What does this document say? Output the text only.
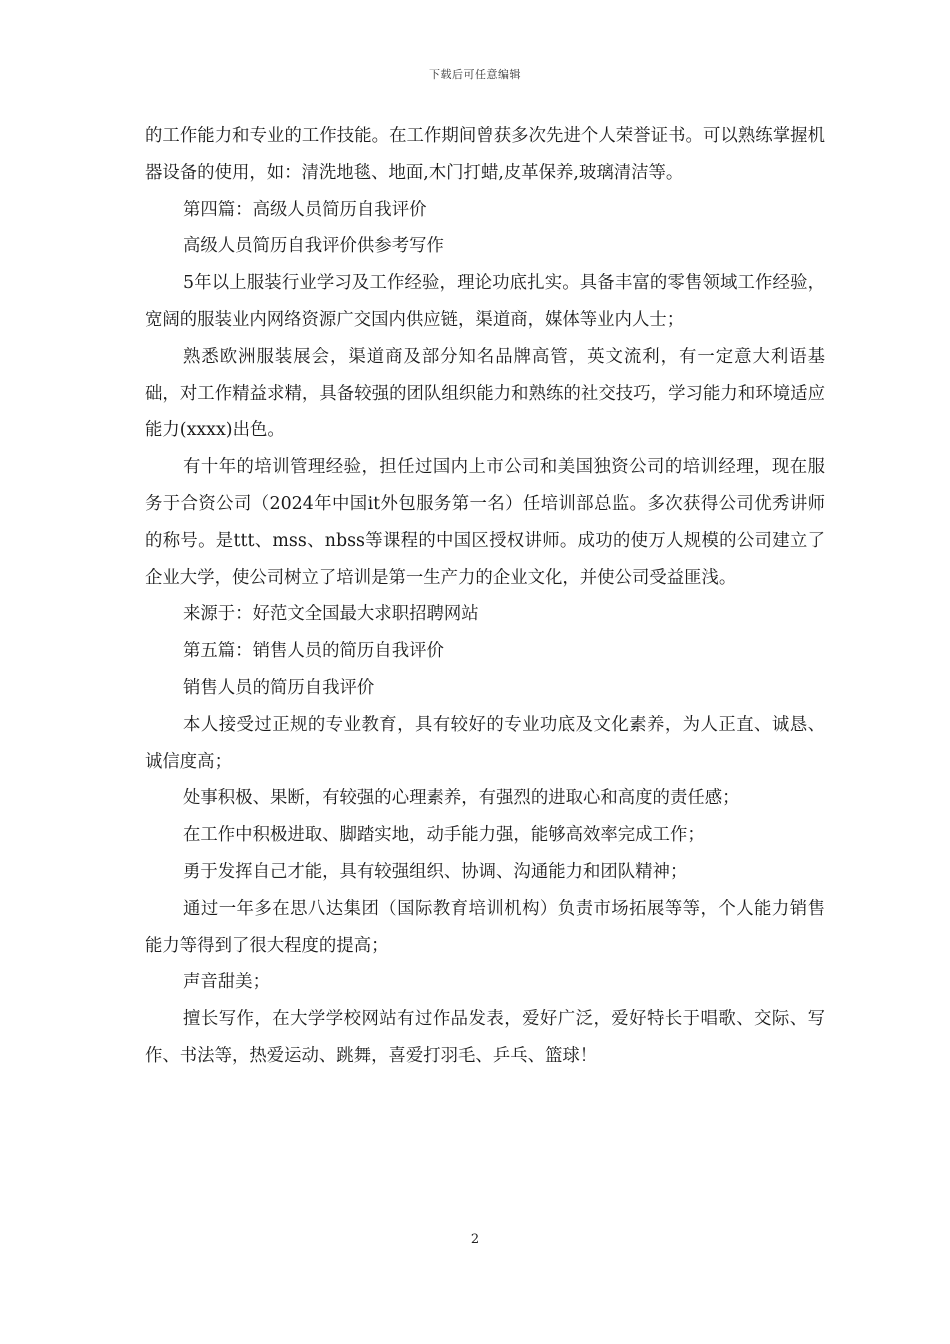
下载后可任意编辑

的工作能力和专业的工作技能。在工作期间曾获多次先进个人荣誉证书。可以熟练掌握机器设备的使用，如：清洗地毯、地面,木门打蜡,皮革保养,玻璃清洁等。

第四篇：高级人员简历自我评价

高级人员简历自我评价供参考写作

5年以上服装行业学习及工作经验，理论功底扎实。具备丰富的零售领域工作经验，宽阔的服装业内网络资源广交国内供应链，渠道商，媒体等业内人士；

熟悉欧洲服装展会，渠道商及部分知名品牌高管，英文流利，有一定意大利语基础，对工作精益求精，具备较强的团队组织能力和熟练的社交技巧，学习能力和环境适应能力(xxxx)出色。

有十年的培训管理经验，担任过国内上市公司和美国独资公司的培训经理，现在服务于合资公司（2024年中国it外包服务第一名）任培训部总监。多次获得公司优秀讲师的称号。是ttt、mss、nbss等课程的中国区授权讲师。成功的使万人规模的公司建立了企业大学，使公司树立了培训是第一生产力的企业文化，并使公司受益匪浅。

来源于：好范文全国最大求职招聘网站

第五篇：销售人员的简历自我评价

销售人员的简历自我评价

本人接受过正规的专业教育，具有较好的专业功底及文化素养，为人正直、诚恳、诚信度高；

处事积极、果断，有较强的心理素养，有强烈的进取心和高度的责任感；

在工作中积极进取、脚踏实地，动手能力强，能够高效率完成工作；

勇于发挥自己才能，具有较强组织、协调、沟通能力和团队精神；

通过一年多在思八达集团（国际教育培训机构）负责市场拓展等等，个人能力销售能力等得到了很大程度的提高；

声音甜美；

擅长写作，在大学学校网站有过作品发表，爱好广泛，爱好特长于唱歌、交际、写作、书法等，热爱运动、跳舞，喜爱打羽毛、乒乓、篮球！

2
